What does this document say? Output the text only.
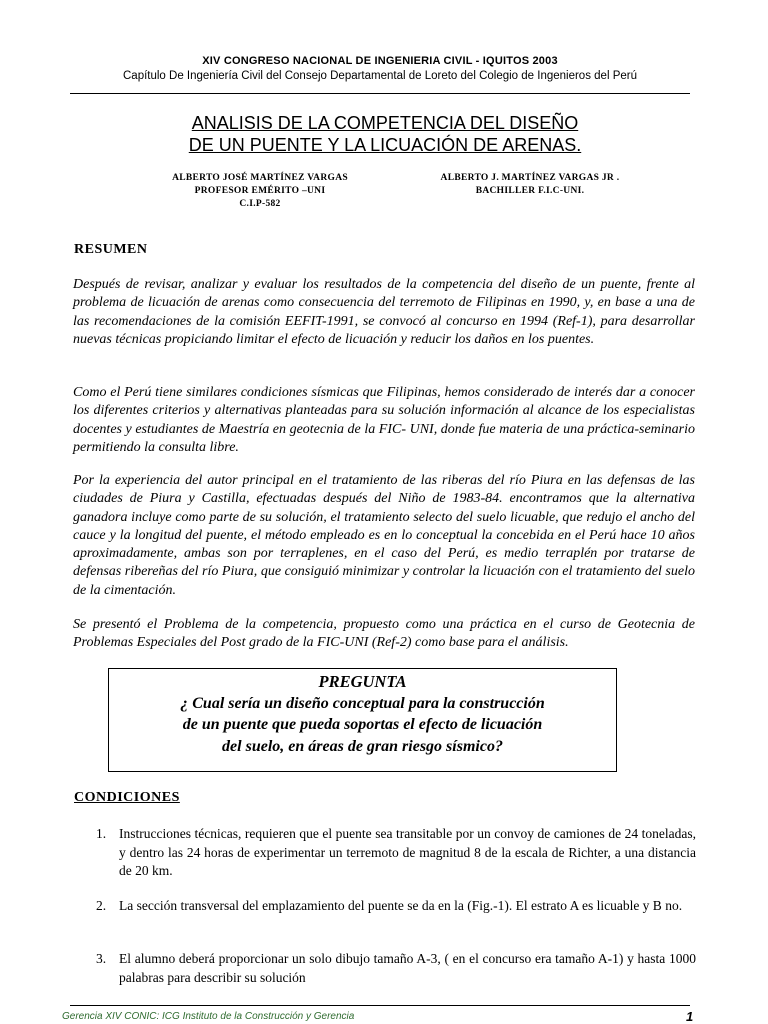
XIV CONGRESO NACIONAL DE INGENIERIA CIVIL - IQUITOS 2003
Capítulo De Ingeniería Civil del Consejo Departamental de Loreto del Colegio de Ingenieros del Perú
ANALISIS DE LA COMPETENCIA DEL DISEÑO
DE UN PUENTE Y LA LICUACIÓN DE ARENAS.
ALBERTO JOSÉ MARTÍNEZ VARGAS
PROFESOR EMÉRITO –UNI
C.I.P-582
ALBERTO J. MARTÍNEZ VARGAS JR .
BACHILLER F.I.C-UNI.
RESUMEN

Después de revisar, analizar y evaluar los resultados de la competencia del diseño de un puente, frente al problema de licuación de arenas como consecuencia del terremoto de Filipinas en 1990, y, en base a una de las recomendaciones de la comisión EEFIT-1991, se convocó al concurso en 1994 (Ref-1), para desarrollar nuevas técnicas propiciando limitar el efecto de licuación y reducir los daños en los puentes.

Como el Perú tiene similares condiciones sísmicas que Filipinas, hemos considerado de interés dar a conocer los diferentes criterios y alternativas planteadas para su solución información al alcance de los especialistas docentes y estudiantes de Maestría en geotecnia de la FIC- UNI, donde fue materia de una práctica-seminario permitiendo la consulta libre.

Por la experiencia del autor principal en el tratamiento de las riberas del río Piura en las defensas de las ciudades de Piura y Castilla, efectuadas después del Niño de 1983-84. encontramos que la alternativa ganadora incluye como parte de su solución, el tratamiento selecto del suelo licuable, que redujo el ancho del cauce y la longitud del puente, el método empleado es en lo conceptual la concebida en el Perú hace 10 años aproximadamente, ambas son por terraplenes, en el caso del Perú, es medio terraplén por tratarse de defensas ribereñas del río Piura, que consiguió minimizar y controlar la licuación con el tratamiento del suelo de la cimentación.

Se presentó el Problema de la competencia, propuesto como una práctica en el curso de Geotecnia de Problemas Especiales del Post grado de la FIC-UNI (Ref-2) como base para el análisis.

PREGUNTA
¿ Cual sería un diseño conceptual para la construcción
de un puente que pueda soportas el efecto de licuación
del suelo, en áreas de gran riesgo sísmico?
CONDICIONES
1. Instrucciones técnicas, requieren que el puente sea transitable por un convoy de camiones de 24 toneladas, y dentro las 24 horas de experimentar un terremoto de magnitud 8 de la escala de Richter, a una distancia de 20 km.
2. La sección transversal del emplazamiento del puente se da en la (Fig.-1). El estrato A es licuable y B no.
3. El alumno deberá proporcionar un solo dibujo tamaño A-3, ( en el concurso era tamaño A-1) y hasta 1000 palabras para describir su solución
Gerencia XIV CONIC: ICG Instituto de la Construcción y Gerencia	1
